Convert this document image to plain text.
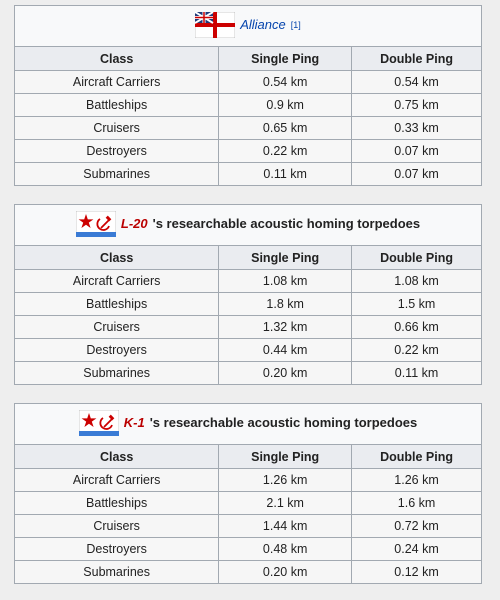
Alliance [1]		

Class	Single Ping	Double Ping
Aircraft Carriers	0.54 km	0.54 km
Battleships	0.9 km	0.75 km
Cruisers	0.65 km	0.33 km
Destroyers	0.22 km	0.07 km
Submarines	0.11 km	0.07 km
L-20 's researchable acoustic homing torpedoes		

Class	Single Ping	Double Ping
Aircraft Carriers	1.08 km	1.08 km
Battleships	1.8 km	1.5 km
Cruisers	1.32 km	0.66 km
Destroyers	0.44 km	0.22 km
Submarines	0.20 km	0.11 km
K-1 's researchable acoustic homing torpedoes		

Class	Single Ping	Double Ping
Aircraft Carriers	1.26 km	1.26 km
Battleships	2.1 km	1.6 km
Cruisers	1.44 km	0.72 km
Destroyers	0.48 km	0.24 km
Submarines	0.20 km	0.12 km
